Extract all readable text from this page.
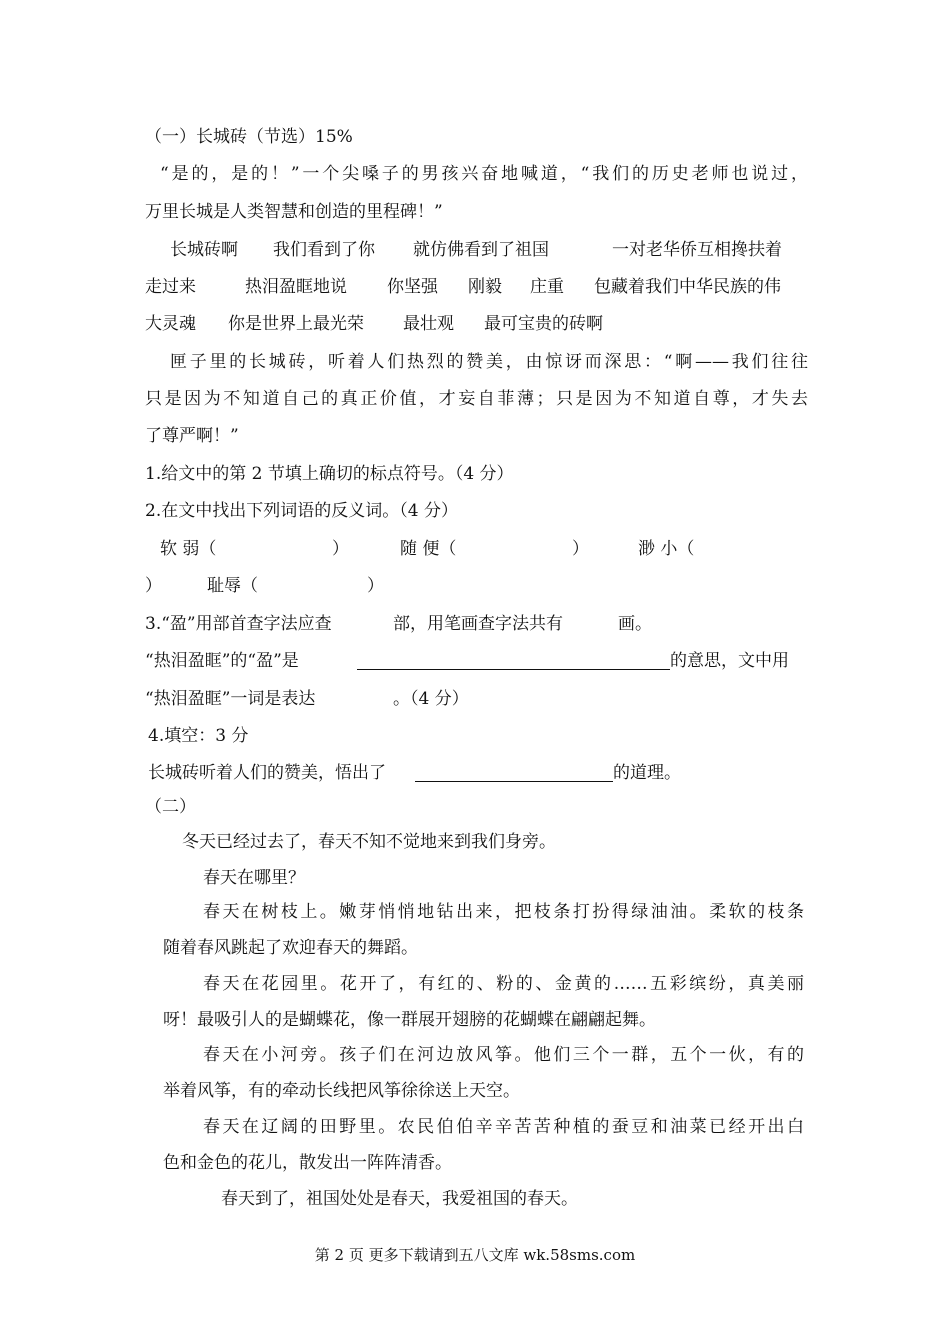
（一）长城砖（节选）15%
“是的，是的！”一个尖嗓子的男孩兴奋地喊道，“我们的历史老师也说过，
万里长城是人类智慧和创造的里程碑！”
长城砖啊 我们看到了你 就仿佛看到了祖国	一对老华侨互相搀扶着
走过来	热泪盈眶地说 你坚强 刚毅 庄重 包藏着我们中华民族的伟
大灵魂 你是世界上最光荣 最壮观 最可宝贵的砖啊
匣子里的长城砖，听着人们热烈的赞美，由惊讶而深思：“啊——我们往往
只是因为不知道自己的真正价值，才妄自菲薄；只是因为不知道自尊，才失去
了尊严啊！”
1.给文中的第 2 节填上确切的标点符号。（4 分）
2.在文中找出下列词语的反义词。（4 分）
软 弱（	）	随 便（	）	渺 小（
）	耻辱（	）
3.“盈”用部首查字法应查	部，用笔画查字法共有	画。
“热泪盈眶”的“盈”是	的意思，文中用
“热泪盈眶”一词是表达	。（4 分）
4.填空：3 分
长城砖听着人们的赞美，悟出了	的道理。
（二）
冬天已经过去了，春天不知不觉地来到我们身旁。
春天在哪里？
春天在树枝上。嫩芽悄悄地钻出来，把枝条打扮得绿油油。柔软的枝条
随着春风跳起了欢迎春天的舞蹈。
春天在花园里。花开了，有红的、粉的、金黄的……五彩缤纷，真美丽
呀！最吸引人的是蝴蝶花，像一群展开翅膀的花蝴蝶在翩翩起舞。
春天在小河旁。孩子们在河边放风筝。他们三个一群，五个一伙，有的
举着风筝，有的牵动长线把风筝徐徐送上天空。
春天在辽阔的田野里。农民伯伯辛辛苦苦种植的蚕豆和油菜已经开出白
色和金色的花儿，散发出一阵阵清香。
春天到了，祖国处处是春天，我爱祖国的春天。
第 2 页 更多下载请到五八文库 wk.58sms.com
